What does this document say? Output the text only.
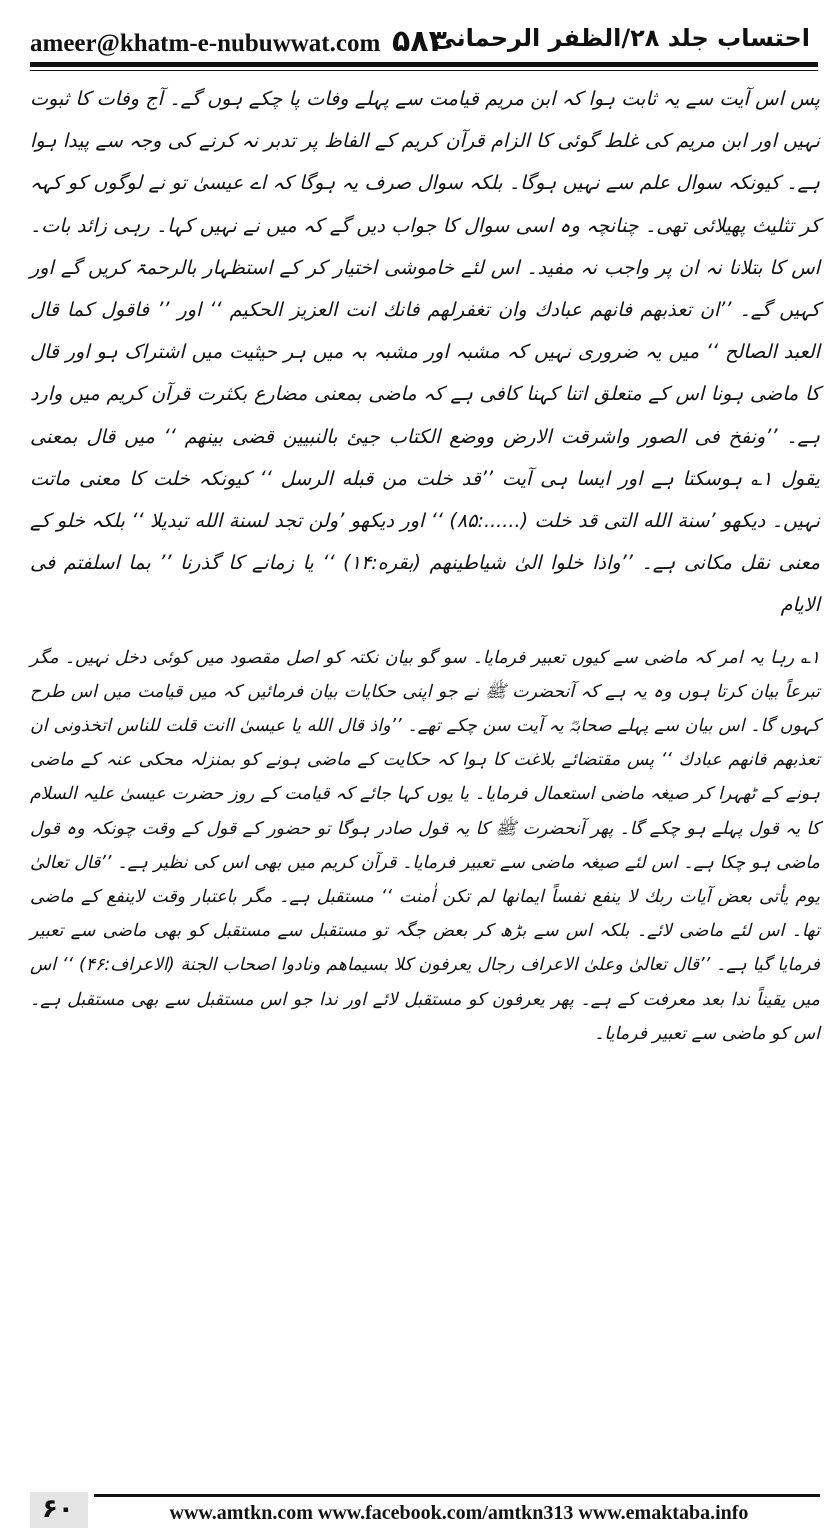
ameer@khatm-e-nubuwwat.com ۵۸۳
احتساب جلد ۲۸/الظفر الرحمانی

پس اس آیت سے یہ ثابت ہوا کہ ابن مریم قیامت سے پہلے وفات پا چکے ہوں گے۔ آج وفات کا ثبوت نہیں اور ابن مریم کی غلط گوئی کا الزام قرآن کریم کے الفاظ پر تدبر نہ کرنے کی وجہ سے پیدا ہوا ہے۔ کیونکہ سوال علم سے نہیں ہوگا۔ بلکہ سوال صرف یہ ہوگا کہ اے عیسیٰ تو نے لوگوں کو کہہ کر تثلیث پھیلائی تھی۔ چنانچہ وہ اسی سوال کا جواب دیں گے کہ میں نے نہیں کہا۔ رہی زائد بات۔ اس کا بتلانا نہ ان پر واجب نہ مفید۔ اس لئے خاموشی اختیار کر کے استظہار بالرحمۃ کریں گے اور کہیں گے۔ ’’ان تعذبهم فانهم عبادك وان تغفرلهم فانك انت العزيز الحكيم ‘‘ اور ’’ فاقول كما قال العبد الصالح ‘‘ میں یہ ضروری نہیں کہ مشبہ اور مشبہ بہ میں ہر حیثیت میں اشتراک ہو اور قال کا ماضی ہونا اس کے متعلق اتنا کہنا کافی ہے کہ ماضی بمعنی مضارع بکثرت قرآن کریم میں وارد ہے۔ ’’ونفخ فى الصور واشرقت الارض ووضع الكتاب جيئ بالنبيين قضى بينهم ‘‘ میں قال بمعنی یقول ۱؎ ہوسکتا ہے اور ایسا ہی آیت ’’قد خلت من قبله الرسل ‘‘ کیونکہ خلت کا معنی ماتت نہیں۔ دیکھو ’سنة الله التى قد خلت (......:۸۵) ‘‘ اور دیکھو ’ولن تجد لسنة الله تبديلا ‘‘ بلکہ خلو کے معنی نقل مکانی ہے۔ ’’واذا خلوا الىٰ شياطينهم (بقره:۱۴) ‘‘ یا زمانے کا گذرنا ’’ بما اسلفتم فى الايام

۱؎ رہا یہ امر کہ ماضی سے کیوں تعبیر فرمایا۔ سو گو بیان نکتہ کو اصل مقصود میں کوئی دخل نہیں۔ مگر تبرعاً بیان کرتا ہوں وہ یہ ہے کہ آنحضرت ﷺ نے جو اپنی حکایات بیان فرمائیں کہ میں قیامت میں اس طرح کہوں گا۔ اس بیان سے پہلے صحابہؓ یہ آیت سن چکے تھے۔ ’’واذ قال الله يا عيسىٰ اانت قلت للناس اتخذونى ان تعذبهم فانهم عبادك ‘‘ پس مقتضائے بلاغت کا ہوا کہ حکایت کے ماضی ہونے کو بمنزلہ محکی عنہ کے ماضی ہونے کے ٹھہرا کر صیغہ ماضی استعمال فرمایا۔ یا یوں کہا جائے کہ قیامت کے روز حضرت عیسیٰ علیہ السلام کا یہ قول پہلے ہو چکے گا۔ پھر آنحضرت ﷺ کا یہ قول صادر ہوگا تو حضور کے قول کے وقت چونکہ وہ قول ماضی ہو چکا ہے۔ اس لئے صیغہ ماضی سے تعبیر فرمایا۔ قرآن کریم میں بھی اس کی نظیر ہے۔ ’’قال تعالىٰ يوم يأتى بعض آيات ربك لا ينفع نفساً ايمانها لم تكن اٰمنت ‘‘ مستقبل ہے۔ مگر باعتبار وقت لاینفع کے ماضی تھا۔ اس لئے ماضی لائے۔ بلکہ اس سے بڑھ کر بعض جگہ تو مستقبل سے مستقبل کو بھی ماضی سے تعبیر فرمایا گیا ہے۔ ’’قال تعالىٰ وعلىٰ الاعراف رجال يعرفون كلا بسيماهم ونادوا اصحاب الجنة (الاعراف:۴۶) ‘‘ اس میں یقیناً ندا بعد معرفت کے ہے۔ پھر یعرفون کو مستقبل لائے اور ندا جو اس مستقبل سے بھی مستقبل ہے۔ اس کو ماضی سے تعبیر فرمایا۔

۶۰	www.amtkn.com www.facebook.com/amtkn313 www.emaktaba.info
